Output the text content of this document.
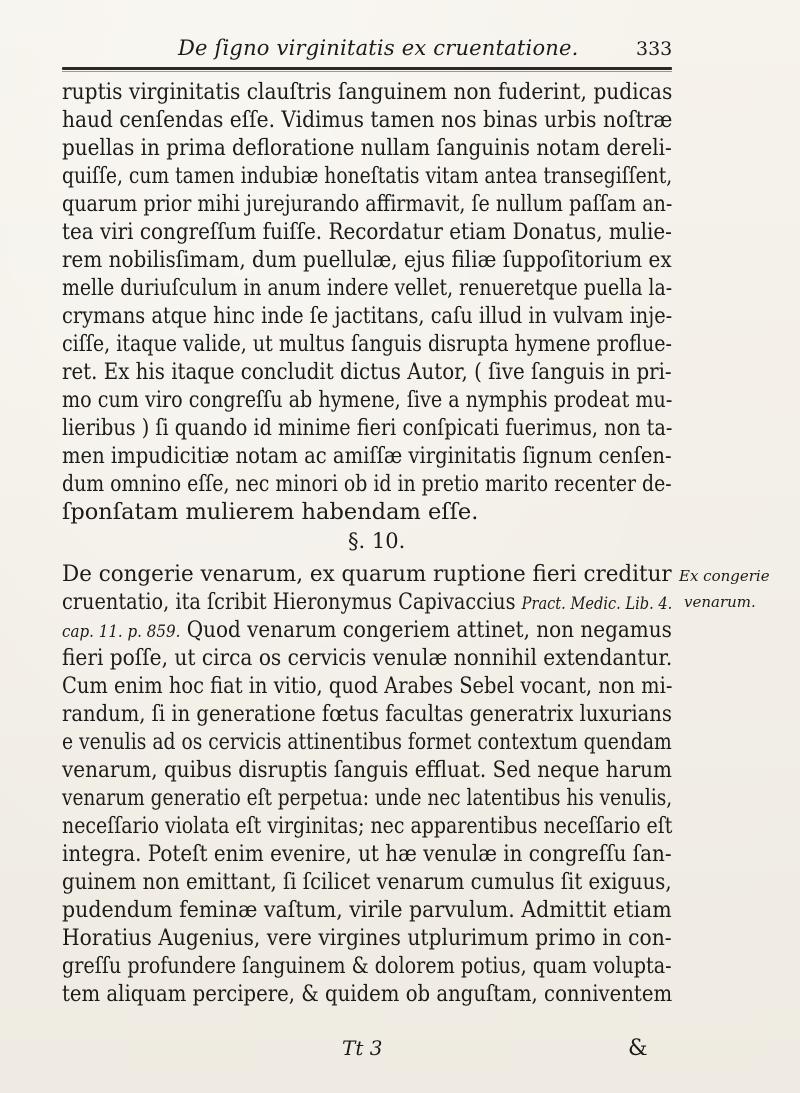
De ſigno virginitatis ex cruentatione.	333
ruptis virginitatis clauſtris ſanguinem non fuderint, pudicas
haud cenſendas eſſe. Vidimus tamen nos binas urbis noſtræ
puellas in prima defloratione nullam ſanguinis notam dereli-
quiſſe, cum tamen indubiæ honeſtatis vitam antea transegiſſent,
quarum prior mihi jurejurando affirmavit, ſe nullum paſſam an-
tea viri congreſſum fuiſſe. Recordatur etiam Donatus, mulie-
rem nobilisſimam, dum puellulæ, ejus filiæ ſuppoſitorium ex
melle duriuſculum in anum indere vellet, renueretque puella la-
crymans atque hinc inde ſe jactitans, caſu illud in vulvam inje-
ciſſe, itaque valide, ut multus ſanguis disrupta hymene proflue-
ret. Ex his itaque concludit dictus Autor, ( ſive ſanguis in pri-
mo cum viro congreſſu ab hymene, ſive a nymphis prodeat mu-
lieribus ) ſi quando id minime fieri conſpicati fuerimus, non ta-
men impudicitiæ notam ac amiſſæ virginitatis ſignum cenſen-
dum omnino eſſe, nec minori ob id in pretio marito recenter de-
ſponſatam mulierem habendam eſſe.
§. 10.
De congerie venarum, ex quarum ruptione fieri creditur Ex congerie
cruentatio, ita ſcribit Hieronymus Capivaccius Pract. Medic. Lib. 4. venarum.
cap. 11. p. 859. Quod venarum congeriem attinet, non negamus
fieri poſſe, ut circa os cervicis venulæ nonnihil extendantur.
Cum enim hoc fiat in vitio, quod Arabes Sebel vocant, non mi-
randum, ſi in generatione fœtus facultas generatrix luxurians
e venulis ad os cervicis attinentibus formet contextum quendam
venarum, quibus disruptis ſanguis effluat. Sed neque harum
venarum generatio eſt perpetua: unde nec latentibus his venulis,
neceſſario violata eſt virginitas; nec apparentibus neceſſario eſt
integra. Poteſt enim evenire, ut hæ venulæ in congreſſu ſan-
guinem non emittant, ſi ſcilicet venarum cumulus ſit exiguus,
pudendum feminæ vaſtum, virile parvulum. Admittit etiam
Horatius Augenius, vere virgines utplurimum primo in con-
greſſu profundere ſanguinem & dolorem potius, quam volupta-
tem aliquam percipere, & quidem ob anguſtam, conniventem
Tt 3	&
